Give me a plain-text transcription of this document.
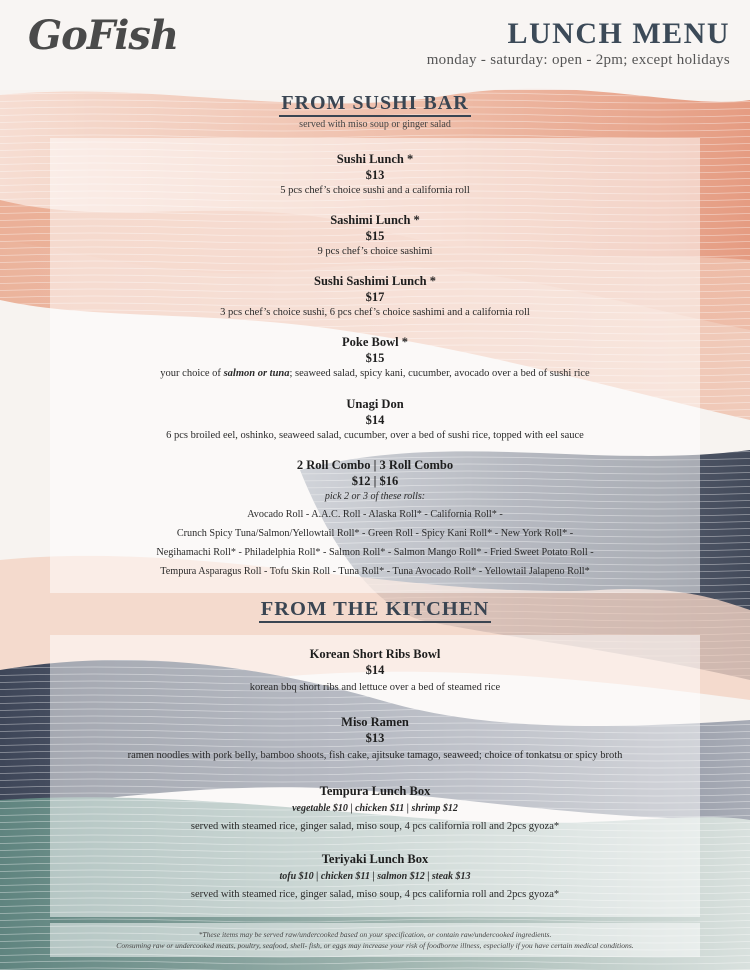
GoFish	LUNCH MENU
monday - saturday: open - 2pm; except holidays
FROM SUSHI BAR
served with miso soup or ginger salad
Sushi Lunch *
$13
5 pcs chef’s choice sushi and a california roll
Sashimi Lunch *
$15
9 pcs chef’s choice sashimi
Sushi Sashimi Lunch *
$17
3 pcs chef’s choice sushi, 6 pcs chef’s choice sashimi and a california roll
Poke Bowl *
$15
your choice of salmon or tuna; seaweed salad, spicy kani, cucumber, avocado over a bed of sushi rice
Unagi Don
$14
6 pcs broiled eel, oshinko, seaweed salad, cucumber, over a bed of sushi rice, topped with eel sauce
2 Roll Combo | 3 Roll Combo
$12 | $16
pick 2 or 3 of these rolls:
Avocado Roll - A.A.C. Roll - Alaska Roll* - California Roll* -
Crunch Spicy Tuna/Salmon/Yellowtail Roll* - Green Roll - Spicy Kani Roll* - New York Roll* -
Negihamachi Roll* - Philadelphia Roll* - Salmon Roll* - Salmon Mango Roll* - Fried Sweet Potato Roll -
Tempura Asparagus Roll - Tofu Skin Roll - Tuna Roll* - Tuna Avocado Roll* - Yellowtail Jalapeno Roll*
FROM THE KITCHEN
Korean Short Ribs Bowl
$14
korean bbq short ribs and lettuce over a bed of steamed rice
Miso Ramen
$13
ramen noodles with pork belly, bamboo shoots, fish cake, ajitsuke tamago, seaweed; choice of tonkatsu or spicy broth
Tempura Lunch Box
vegetable $10 | chicken $11 | shrimp $12
served with steamed rice, ginger salad, miso soup, 4 pcs california roll and 2pcs gyoza*
Teriyaki Lunch Box
tofu $10 | chicken $11 | salmon $12 | steak $13
served with steamed rice, ginger salad, miso soup, 4 pcs california roll and 2pcs gyoza*
*These items may be served raw/undercooked based on your specification, or contain raw/undercooked ingredients.
Consuming raw or undercooked meats, poultry, seafood, shell- fish, or eggs may increase your risk of foodborne illness, especially if you have certain medical conditions.
